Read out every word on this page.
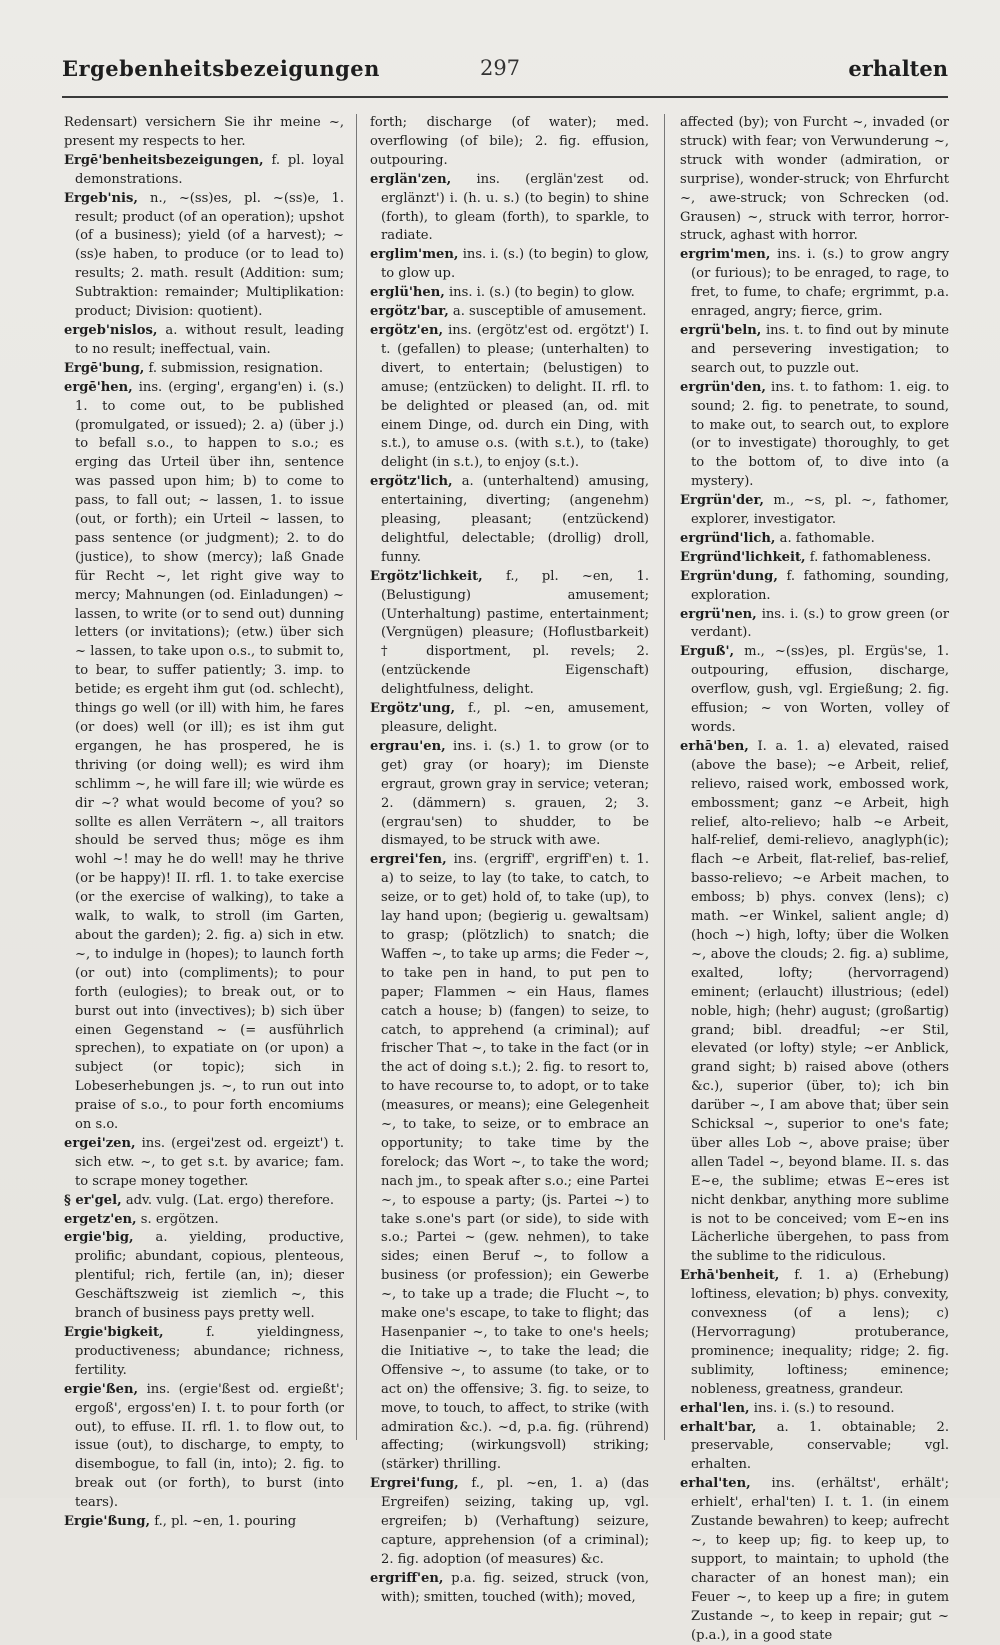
Ergebenheitsbezeigungen	297	erhalten

Redensart) versichern Sie ihr meine ~, present my respects to her.

Ergē'benheitsbezeigungen, f. pl. loyal demonstrations.

Ergeb'nis, n., ~(ss)es, pl. ~(ss)e, 1. result; product (of an operation); upshot (of a business); yield (of a harvest); ~(ss)e haben, to produce (or to lead to) results; 2. math. result (Addition: sum; Subtraktion: remainder; Multiplikation: product; Division: quotient).

ergeb'nislos, a. without result, leading to no result; ineffectual, vain.

Ergē'bung, f. submission, resignation.

ergē'hen, ins. (erging', ergang'en) i. (s.) 1. to come out, to be published (promulgated, or issued); 2. a) (über j.) to befall s.o., to happen to s.o.; es erging das Urteil über ihn, sentence was passed upon him; b) to come to pass, to fall out; ~ lassen, 1. to issue (out, or forth); ein Urteil ~ lassen, to pass sentence (or judgment); 2. to do (justice), to show (mercy); laß Gnade für Recht ~, let right give way to mercy; Mahnungen (od. Einladungen) ~ lassen, to write (or to send out) dunning letters (or invitations); (etw.) über sich ~ lassen, to take upon o.s., to submit to, to bear, to suffer patiently; 3. imp. to betide; es ergeht ihm gut (od. schlecht), things go well (or ill) with him, he fares (or does) well (or ill); es ist ihm gut ergangen, he has prospered, he is thriving (or doing well); es wird ihm schlimm ~, he will fare ill; wie würde es dir ~? what would become of you? so sollte es allen Verrätern ~, all traitors should be served thus; möge es ihm wohl ~! may he do well! may he thrive (or be happy)! II. rfl. 1. to take exercise (or the exercise of walking), to take a walk, to walk, to stroll (im Garten, about the garden); 2. fig. a) sich in etw. ~, to indulge in (hopes); to launch forth (or out) into (compliments); to pour forth (eulogies); to break out, or to burst out into (invectives); b) sich über einen Gegenstand ~ (= ausführlich sprechen), to expatiate on (or upon) a subject (or topic); sich in Lobeserhebungen js. ~, to run out into praise of s.o., to pour forth encomiums on s.o.

ergei'zen, ins. (ergei'zest od. ergeizt') t. sich etw. ~, to get s.t. by avarice; fam. to scrape money together.

§ er'gel, adv. vulg. (Lat. ergo) therefore.

ergetz'en, s. ergötzen.

ergie'big, a. yielding, productive, prolific; abundant, copious, plenteous, plentiful; rich, fertile (an, in); dieser Geschäftszweig ist ziemlich ~, this branch of business pays pretty well.

Ergie'bigkeit, f. yieldingness, productiveness; abundance; richness, fertility.

ergie'ßen, ins. (ergie'ßest od. ergießt'; ergoß', ergoss'en) I. t. to pour forth (or out), to effuse. II. rfl. 1. to flow out, to issue (out), to discharge, to empty, to disembogue, to fall (in, into); 2. fig. to break out (or forth), to burst (into tears).

Ergie'ßung, f., pl. ~en, 1. pouring

forth; discharge (of water); med. overflowing (of bile); 2. fig. effusion, outpouring.

erglän'zen, ins. (erglän'zest od. erglänzt') i. (h. u. s.) (to begin) to shine (forth), to gleam (forth), to sparkle, to radiate.

erglim'men, ins. i. (s.) (to begin) to glow, to glow up.

erglü'hen, ins. i. (s.) (to begin) to glow.

ergötz'bar, a. susceptible of amusement.

ergötz'en, ins. (ergötz'est od. ergötzt') I. t. (gefallen) to please; (unterhalten) to divert, to entertain; (belustigen) to amuse; (entzücken) to delight. II. rfl. to be delighted or pleased (an, od. mit einem Dinge, od. durch ein Ding, with s.t.), to amuse o.s. (with s.t.), to (take) delight (in s.t.), to enjoy (s.t.).

ergötz'lich, a. (unterhaltend) amusing, entertaining, diverting; (angenehm) pleasing, pleasant; (entzückend) delightful, delectable; (drollig) droll, funny.

Ergötz'lichkeit, f., pl. ~en, 1. (Belustigung) amusement; (Unterhaltung) pastime, entertainment; (Vergnügen) pleasure; (Hoflustbarkeit) † disportment, pl. revels; 2. (entzückende Eigenschaft) delightfulness, delight.

Ergötz'ung, f., pl. ~en, amusement, pleasure, delight.

ergrau'en, ins. i. (s.) 1. to grow (or to get) gray (or hoary); im Dienste ergraut, grown gray in service; veteran; 2. (dämmern) s. grauen, 2; 3. (ergrau'sen) to shudder, to be dismayed, to be struck with awe.

ergrei'fen, ins. (ergriff', ergriff'en) t. 1. a) to seize, to lay (to take, to catch, to seize, or to get) hold of, to take (up), to lay hand upon; (begierig u. gewaltsam) to grasp; (plötzlich) to snatch; die Waffen ~, to take up arms; die Feder ~, to take pen in hand, to put pen to paper; Flammen ~ ein Haus, flames catch a house; b) (fangen) to seize, to catch, to apprehend (a criminal); auf frischer That ~, to take in the fact (or in the act of doing s.t.); 2. fig. to resort to, to have recourse to, to adopt, or to take (measures, or means); eine Gelegenheit ~, to take, to seize, or to embrace an opportunity; to take time by the forelock; das Wort ~, to take the word; nach jm., to speak after s.o.; eine Partei ~, to espouse a party; (js. Partei ~) to take s.one's part (or side), to side with s.o.; Partei ~ (gew. nehmen), to take sides; einen Beruf ~, to follow a business (or profession); ein Gewerbe ~, to take up a trade; die Flucht ~, to make one's escape, to take to flight; das Hasenpanier ~, to take to one's heels; die Initiative ~, to take the lead; die Offensive ~, to assume (to take, or to act on) the offensive; 3. fig. to seize, to move, to touch, to affect, to strike (with admiration &c.). ~d, p.a. fig. (rührend) affecting; (wirkungsvoll) striking; (stärker) thrilling.

Ergrei'fung, f., pl. ~en, 1. a) (das Ergreifen) seizing, taking up, vgl. ergreifen; b) (Verhaftung) seizure, capture, apprehension (of a criminal); 2. fig. adoption (of measures) &c.

ergriff'en, p.a. fig. seized, struck (von, with); smitten, touched (with); moved,

affected (by); von Furcht ~, invaded (or struck) with fear; von Verwunderung ~, struck with wonder (admiration, or surprise), wonder-struck; von Ehrfurcht ~, awe-struck; von Schrecken (od. Grausen) ~, struck with terror, horror-struck, aghast with horror.

ergrim'men, ins. i. (s.) to grow angry (or furious); to be enraged, to rage, to fret, to fume, to chafe; ergrimmt, p.a. enraged, angry; fierce, grim.

ergrü'beln, ins. t. to find out by minute and persevering investigation; to search out, to puzzle out.

ergrün'den, ins. t. to fathom: 1. eig. to sound; 2. fig. to penetrate, to sound, to make out, to search out, to explore (or to investigate) thoroughly, to get to the bottom of, to dive into (a mystery).

Ergrün'der, m., ~s, pl. ~, fathomer, explorer, investigator.

ergründ'lich, a. fathomable.

Ergründ'lichkeit, f. fathomableness.

Ergrün'dung, f. fathoming, sounding, exploration.

ergrü'nen, ins. i. (s.) to grow green (or verdant).

Erguß', m., ~(ss)es, pl. Ergüs'se, 1. outpouring, effusion, discharge, overflow, gush, vgl. Ergießung; 2. fig. effusion; ~ von Worten, volley of words.

erhā'ben, I. a. 1. a) elevated, raised (above the base); ~e Arbeit, relief, relievo, raised work, embossed work, embossment; ganz ~e Arbeit, high relief, alto-relievo; halb ~e Arbeit, half-relief, demi-relievo, anaglyph(ic); flach ~e Arbeit, flat-relief, bas-relief, basso-relievo; ~e Arbeit machen, to emboss; b) phys. convex (lens); c) math. ~er Winkel, salient angle; d) (hoch ~) high, lofty; über die Wolken ~, above the clouds; 2. fig. a) sublime, exalted, lofty; (hervorragend) eminent; (erlaucht) illustrious; (edel) noble, high; (hehr) august; (großartig) grand; bibl. dreadful; ~er Stil, elevated (or lofty) style; ~er Anblick, grand sight; b) raised above (others &c.), superior (über, to); ich bin darüber ~, I am above that; über sein Schicksal ~, superior to one's fate; über alles Lob ~, above praise; über allen Tadel ~, beyond blame. II. s. das E~e, the sublime; etwas E~eres ist nicht denkbar, anything more sublime is not to be conceived; vom E~en ins Lächerliche übergehen, to pass from the sublime to the ridiculous.

Erhā'benheit, f. 1. a) (Erhebung) loftiness, elevation; b) phys. convexity, convexness (of a lens); c) (Hervorragung) protuberance, prominence; inequality; ridge; 2. fig. sublimity, loftiness; eminence; nobleness, greatness, grandeur.

erhal'len, ins. i. (s.) to resound.

erhalt'bar, a. 1. obtainable; 2. preservable, conservable; vgl. erhalten.

erhal'ten, ins. (erhältst', erhält'; erhielt', erhal'ten) I. t. 1. (in einem Zustande bewahren) to keep; aufrecht ~, to keep up; fig. to keep up, to support, to maintain; to uphold (the character of an honest man); ein Feuer ~, to keep up a fire; in gutem Zustande ~, to keep in repair; gut ~ (p.a.), in a good state
